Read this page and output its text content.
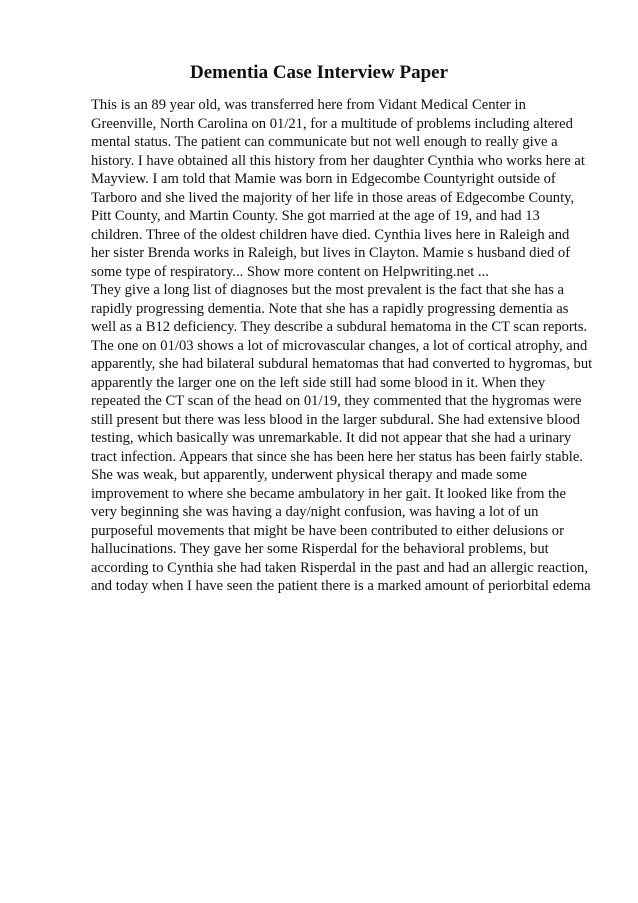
Dementia Case Interview Paper
This is an 89 year old, was transferred here from Vidant Medical Center in
Greenville, North Carolina on 01/21, for a multitude of problems including altered
mental status. The patient can communicate but not well enough to really give a
history. I have obtained all this history from her daughter Cynthia who works here at
Mayview. I am told that Mamie was born in Edgecombe Countyright outside of
Tarboro and she lived the majority of her life in those areas of Edgecombe County,
Pitt County, and Martin County. She got married at the age of 19, and had 13
children. Three of the oldest children have died. Cynthia lives here in Raleigh and
her sister Brenda works in Raleigh, but lives in Clayton. Mamie s husband died of
some type of respiratory... Show more content on Helpwriting.net ...
They give a long list of diagnoses but the most prevalent is the fact that she has a
rapidly progressing dementia. Note that she has a rapidly progressing dementia as
well as a B12 deficiency. They describe a subdural hematoma in the CT scan reports.
The one on 01/03 shows a lot of microvascular changes, a lot of cortical atrophy, and
apparently, she had bilateral subdural hematomas that had converted to hygromas, but
apparently the larger one on the left side still had some blood in it. When they
repeated the CT scan of the head on 01/19, they commented that the hygromas were
still present but there was less blood in the larger subdural. She had extensive blood
testing, which basically was unremarkable. It did not appear that she had a urinary
tract infection. Appears that since she has been here her status has been fairly stable.
She was weak, but apparently, underwent physical therapy and made some
improvement to where she became ambulatory in her gait. It looked like from the
very beginning she was having a day/night confusion, was having a lot of un
purposeful movements that might be have been contributed to either delusions or
hallucinations. They gave her some Risperdal for the behavioral problems, but
according to Cynthia she had taken Risperdal in the past and had an allergic reaction,
and today when I have seen the patient there is a marked amount of periorbital edema
